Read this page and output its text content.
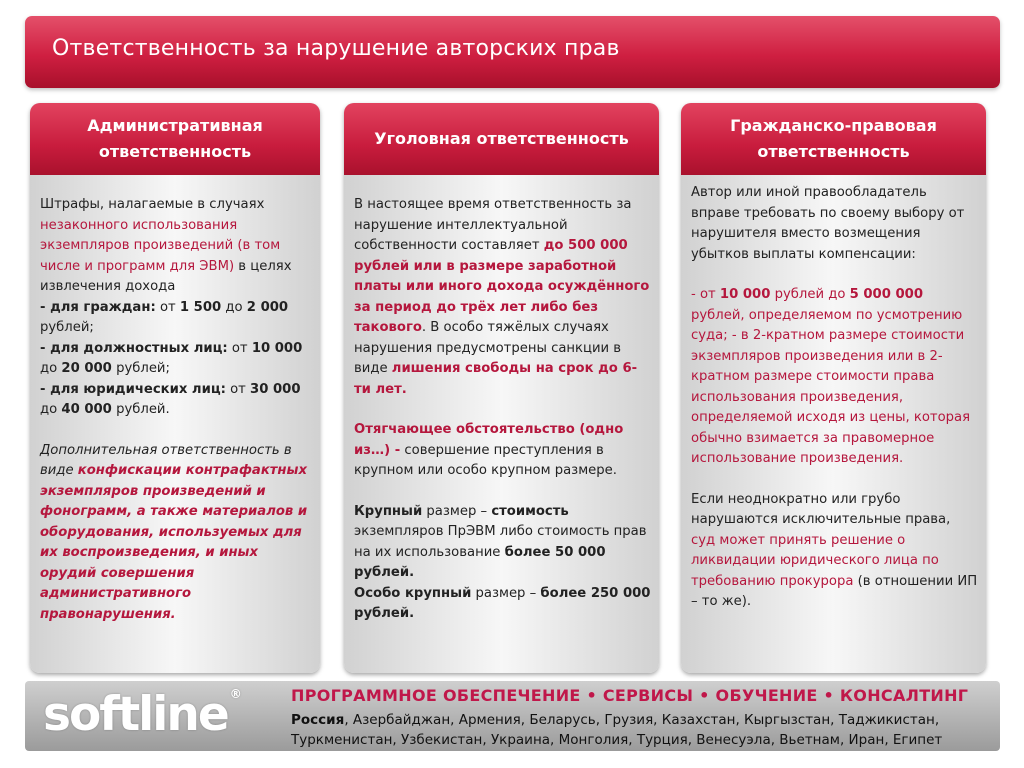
Ответственность за нарушение авторских прав
Административная
ответственность
Штрафы, налагаемые в случаях незаконного использования экземпляров произведений (в том числе и программ для ЭВМ) в целях извлечения дохода
- для граждан: от 1 500 до 2 000 рублей;
- для должностных лиц: от 10 000 до 20 000 рублей;
- для юридических лиц: от 30 000 до 40 000 рублей.
Дополнительная ответственность в виде конфискации контрафактных экземпляров произведений и фонограмм, а также материалов и оборудования, используемых для их воспроизведения, и иных орудий совершения административного правонарушения.
Уголовная ответственность
В настоящее время ответственность за нарушение интеллектуальной собственности составляет до 500 000 рублей или в размере заработной платы или иного дохода осуждённого за период до трёх лет либо без такового. В особо тяжёлых случаях нарушения предусмотрены санкции в виде лишения свободы на срок до 6-ти лет.
Отягчающее обстоятельство (одно из…) - совершение преступления в крупном или особо крупном размере.
Крупный размер – стоимость экземпляров ПрЭВМ либо стоимость прав на их использование более 50 000 рублей.
Особо крупный размер – более 250 000 рублей.
Гражданско-правовая
ответственность
Автор или иной правообладатель вправе требовать по своему выбору от нарушителя вместо возмещения убытков выплаты компенсации:
- от 10 000 рублей до 5 000 000 рублей, определяемом по усмотрению суда; - в 2-кратном размере стоимости экземпляров произведения или в 2-кратном размере стоимости права использования произведения, определяемой исходя из цены, которая обычно взимается за правомерное использование произведения.
Если неоднократно или грубо нарушаются исключительные права, суд может принять решение о ликвидации юридического лица по требованию прокурора (в отношении ИП – то же).
softline ®	ПРОГРАММНОЕ ОБЕСПЕЧЕНИЕ • СЕРВИСЫ • ОБУЧЕНИЕ • КОНСАЛТИНГ
Россия, Азербайджан, Армения, Беларусь, Грузия, Казахстан, Кыргызстан, Таджикистан, Туркменистан, Узбекистан, Украина, Монголия, Турция, Венесуэла, Вьетнам, Иран, Египет
